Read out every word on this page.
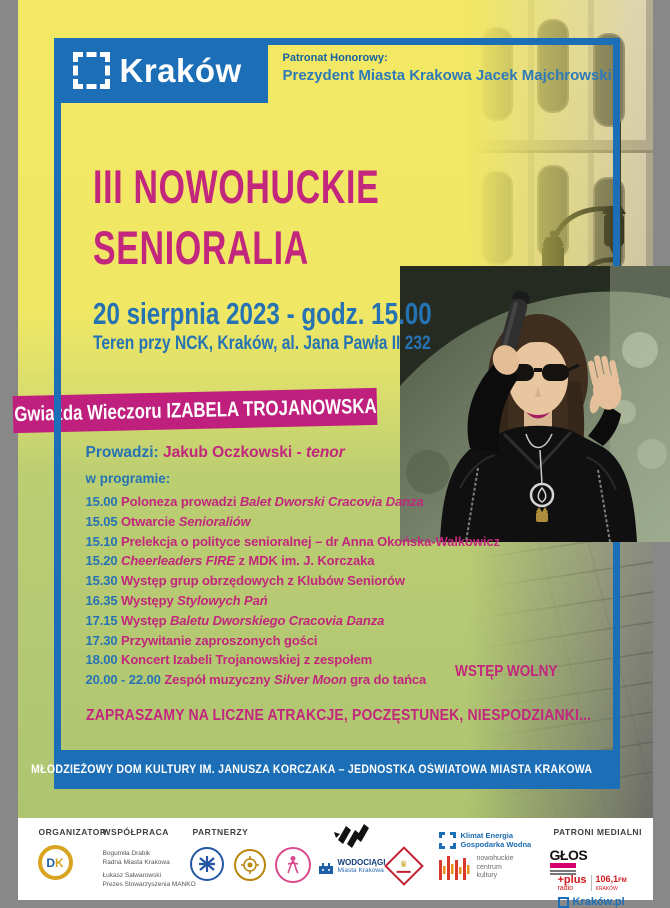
Gwiazda Wieczoru IZABELA TROJANOWSKA
Kraków	Patronat Honorowy:
Prezydent Miasta Krakowa Jacek Majchrowski
III NOWOHUCKIE
SENIORALIA
20 sierpnia 2023 - godz. 15.00
Teren przy NCK, Kraków, al. Jana Pawła II 232
Prowadzi: Jakub Oczkowski - tenor
w programie:
15.00 Poloneza prowadzi Balet Dworski Cracovia Danza
15.05 Otwarcie Senioraliów
15.10 Prelekcja o polityce senioralnej – dr Anna Okońska-Walkowicz
15.20 Cheerleaders FIRE z MDK im. J. Korczaka
15.30 Występ grup obrzędowych z Klubów Seniorów
16.35 Występy Stylowych Pań
17.15 Występ Baletu Dworskiego Cracovia Danza
17.30 Przywitanie zaproszonych gości
18.00 Koncert Izabeli Trojanowskiej z zespołem
20.00 - 22.00 Zespół muzyczny Silver Moon gra do tańca	WSTĘP WOLNY
ZAPRASZAMY NA LICZNE ATRAKCJE, POCZĘSTUNEK, NIESPODZIANKI...
MŁODZIEŻOWY DOM KULTURY IM. JANUSZA KORCZAKA – JEDNOSTKA OŚWIATOWA MIASTA KRAKOWA
ORGANIZATOR
WSPÓŁPRACA	PARTNERZY	PATRONI MEDIALNI
D K
Bogumiła Drabik
Radna Miasta Krakowa
Łukasz Salwarowski
Prezes Stowarzyszenia MANKO
WODOCIĄGI
Miasta Krakowa
♛
Klimat Energia
Gospodarka Wodna
nowohuckie
centrum
kultury
GŁOS

+plus
radio
106,1FM
KRAKÓW
Kraków.pl
